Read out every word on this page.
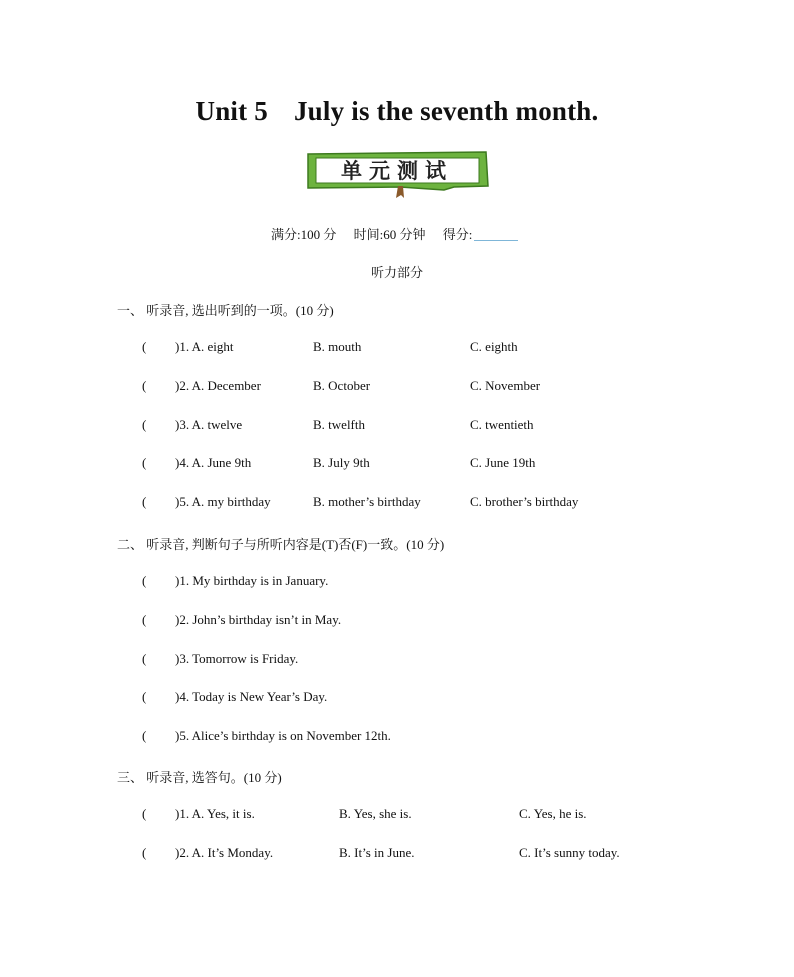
Unit 5 July is the seventh month.
单元测试
满分:100 分 时间:60 分钟 得分:
听力部分
一、 听录音, 选出听到的一项。(10 分)
( )1. A. eight	B. mouth	C. eighth
( )2. A. December	B. October	C. November
( )3. A. twelve	B. twelfth	C. twentieth
( )4. A. June 9th	B. July 9th	C. June 19th
( )5. A. my birthday	B. mother’s birthday	C. brother’s birthday
二、 听录音, 判断句子与所听内容是(T)否(F)一致。(10 分)
( )1. My birthday is in January.
( )2. John’s birthday isn’t in May.
( )3. Tomorrow is Friday.
( )4. Today is New Year’s Day.
( )5. Alice’s birthday is on November 12th.
三、 听录音, 选答句。(10 分)
( )1. A. Yes, it is.	B. Yes, she is.	C. Yes, he is.
( )2. A. It’s Monday.	B. It’s in June.	C. It’s sunny today.
